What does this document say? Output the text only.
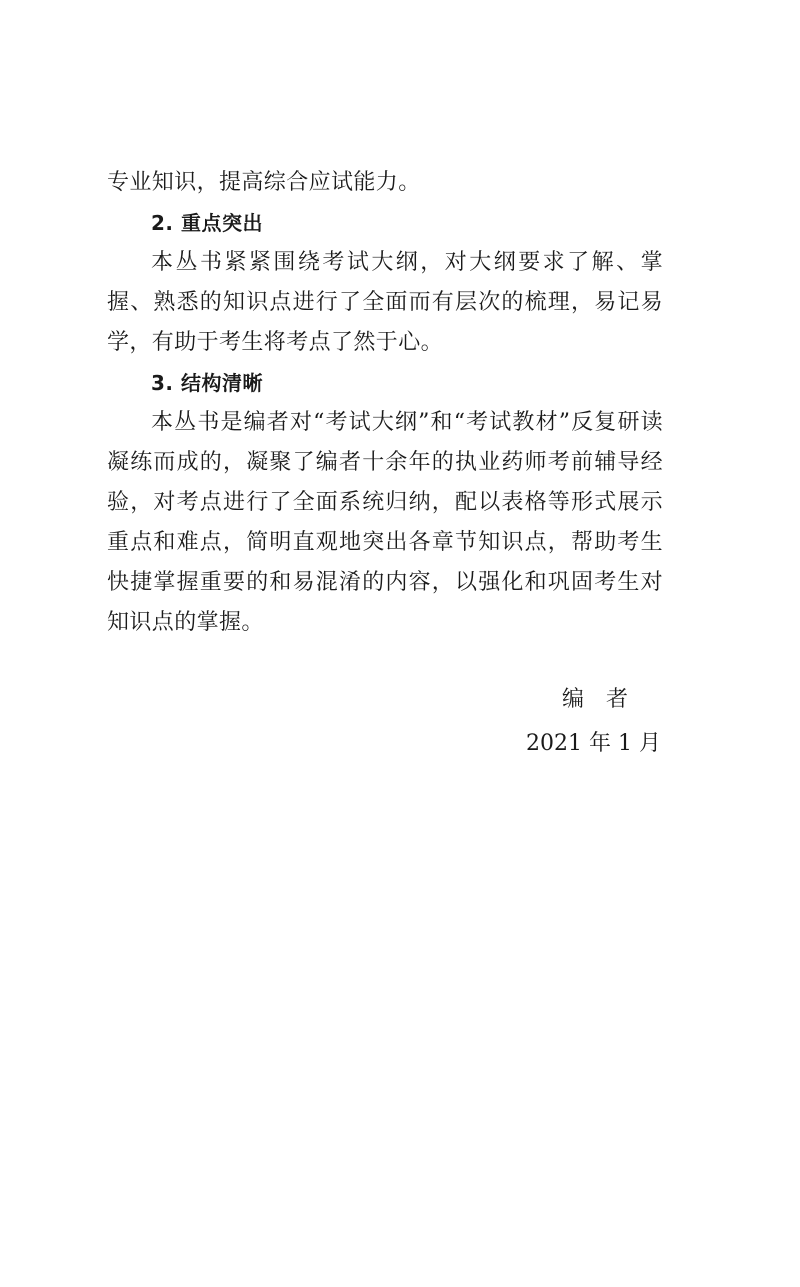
专业知识，提高综合应试能力。

2. 重点突出

本丛书紧紧围绕考试大纲，对大纲要求了解、掌握、熟悉的知识点进行了全面而有层次的梳理，易记易学，有助于考生将考点了然于心。

3. 结构清晰

本丛书是编者对“考试大纲”和“考试教材”反复研读凝练而成的，凝聚了编者十余年的执业药师考前辅导经验，对考点进行了全面系统归纳，配以表格等形式展示重点和难点，简明直观地突出各章节知识点，帮助考生快捷掌握重要的和易混淆的内容，以强化和巩固考生对知识点的掌握。

编者
2021 年 1 月
